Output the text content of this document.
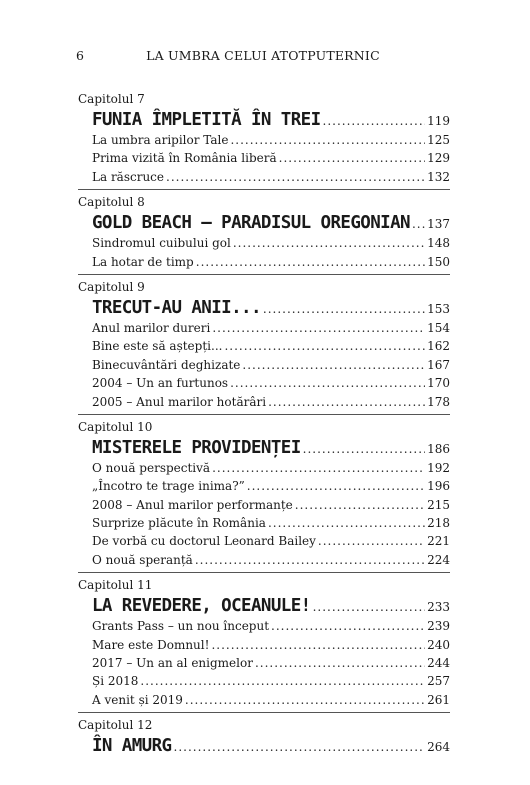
6	LA UMBRA CELUI ATOTPUTERNIC
Capitolul 7
FUNIA ÎMPLETITĂ ÎN TREI .....	119
La umbra aripilor Tale .....	125
Prima vizită în România liberă .....	129
La răscruce .....	132
Capitolul 8
GOLD BEACH – PARADISUL OREGONIAN ..... 137
Sindromul cuibului gol .....	148
La hotar de timp .....	150
Capitolul 9
TRECUT-AU ANII... .....	153
Anul marilor dureri .....	154
Bine este să aștepți... .....	162
Binecuvântări deghizate .....	167
2004 – Un an furtunos .....	170
2005 – Anul marilor hotărâri .....	178
Capitolul 10
MISTERELE PROVIDENȚEI .....	186
O nouă perspectivă .....	192
„Încotro te trage inima?” .....	196
2008 – Anul marilor performanțe .....	215
Surprize plăcute în România .....	218
De vorbă cu doctorul Leonard Bailey .....	221
O nouă speranță .....	224
Capitolul 11
LA REVEDERE, OCEANULE! .....	233
Grants Pass – un nou început .....	239
Mare este Domnul! .....	240
2017 – Un an al enigmelor .....	244
Și 2018 .....	257
A venit și 2019 .....	261
Capitolul 12
ÎN AMURG .....	264
